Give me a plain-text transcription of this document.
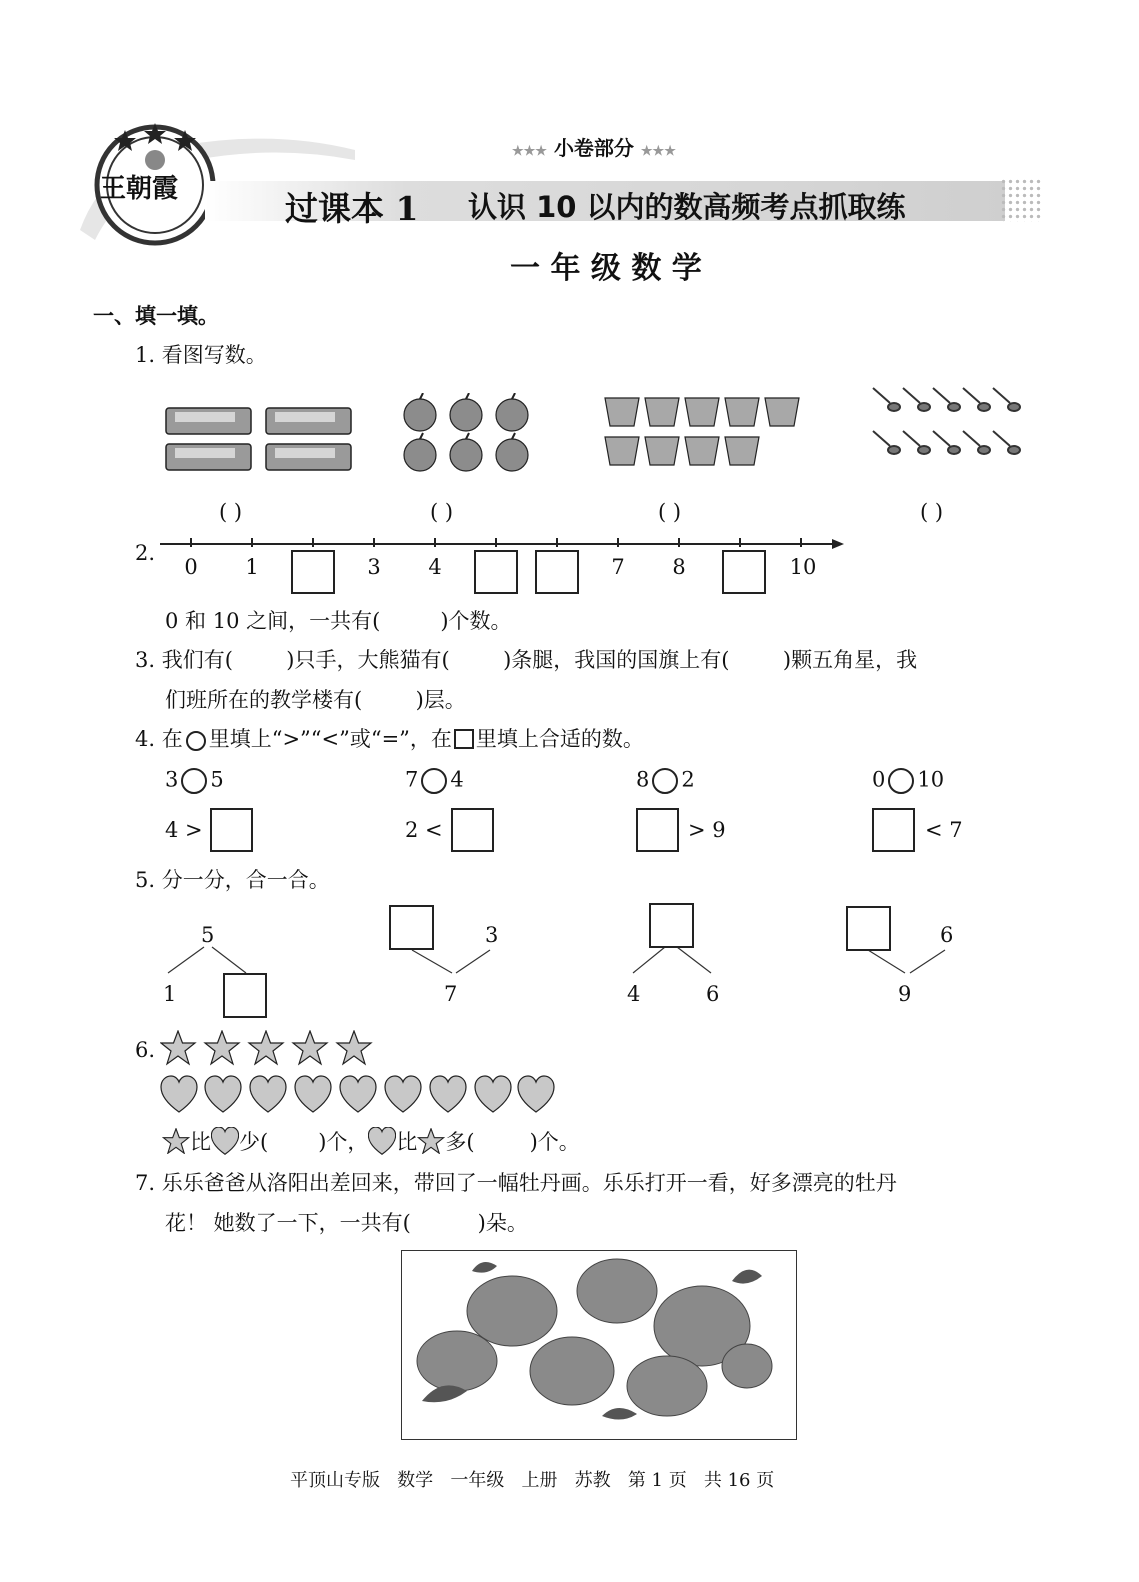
王朝霞
★★★ 小卷部分 ★★★
过课本 1 认识 10 以内的数高频考点抓取练
一 年 级 数 学
一、填一填。
1. 看图写数。
( )	( )	( )	( )
2.
0	1	3	4	7	8	10
0 和 10 之间，一共有(	)个数。
3. 我们有(        )只手，大熊猫有(        )条腿，我国的国旗上有(        )颗五角星，我
们班所在的教学楼有(        )层。
4. 在 里填上“>”“<”或“=”，在 里填上合适的数。
3 5	7 4	8 2	0 10
4 >	2 <	> 9	< 7
5. 分一分，合一合。
5
1
3
7	4	6
6
9
6.
比 少( )个， 比 多(	)个。
7. 乐乐爸爸从洛阳出差回来，带回了一幅牡丹画。乐乐打开一看，好多漂亮的牡丹
花！ 她数了一下，一共有(          )朵。
平顶山专版   数学   一年级   上册   苏教   第 1 页   共 16 页
